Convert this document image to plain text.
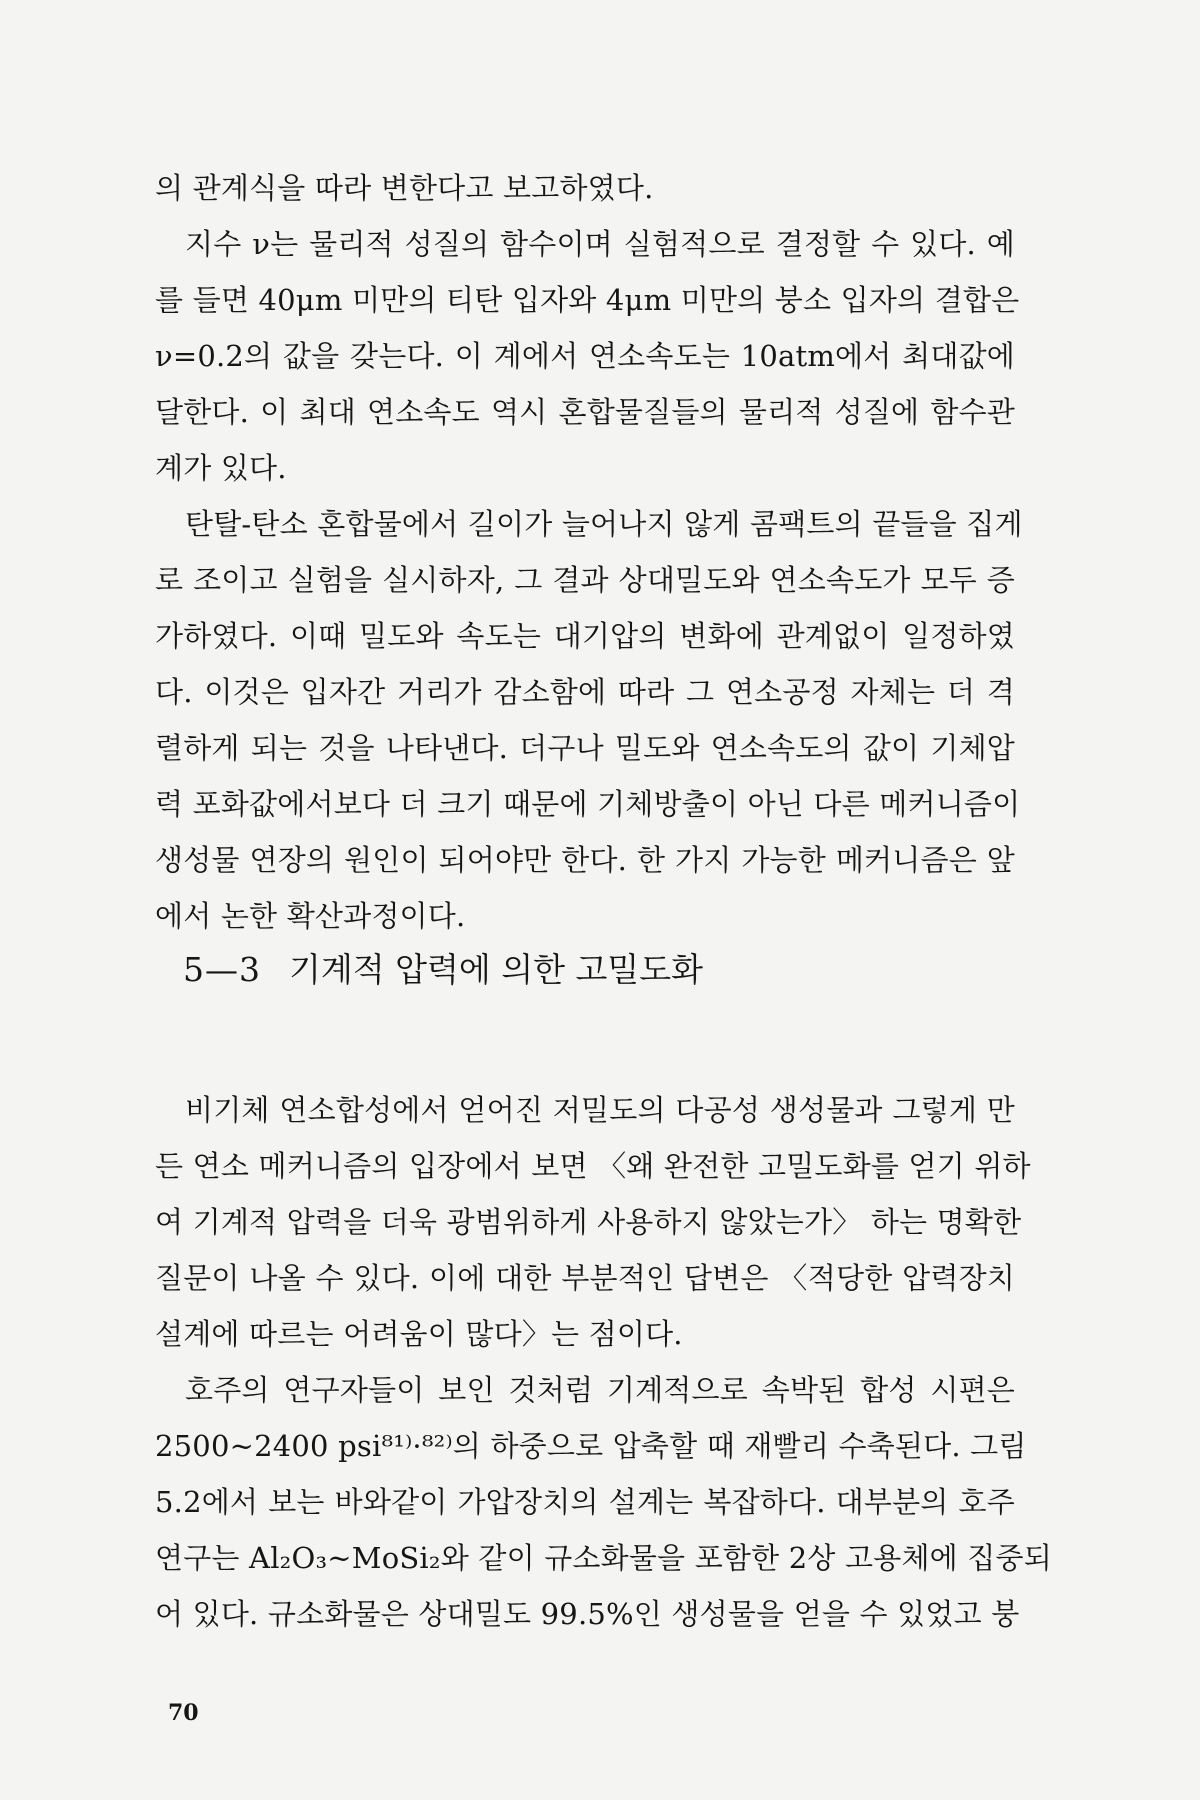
의 관계식을 따라 변한다고 보고하였다.
지수 ν는 물리적 성질의 함수이며 실험적으로 결정할 수 있다. 예
를 들면 40μm 미만의 티탄 입자와 4μm 미만의 붕소 입자의 결합은
ν=0.2의 값을 갖는다. 이 계에서 연소속도는 10atm에서 최대값에
달한다. 이 최대 연소속도 역시 혼합물질들의 물리적 성질에 함수관
계가 있다.
탄탈-탄소 혼합물에서 길이가 늘어나지 않게 콤팩트의 끝들을 집게
로 조이고 실험을 실시하자, 그 결과 상대밀도와 연소속도가 모두 증
가하였다. 이때 밀도와 속도는 대기압의 변화에 관계없이 일정하였
다. 이것은 입자간 거리가 감소함에 따라 그 연소공정 자체는 더 격
렬하게 되는 것을 나타낸다. 더구나 밀도와 연소속도의 값이 기체압
력 포화값에서보다 더 크기 때문에 기체방출이 아닌 다른 메커니즘이
생성물 연장의 원인이 되어야만 한다. 한 가지 가능한 메커니즘은 앞
에서 논한 확산과정이다.
5—3 기계적 압력에 의한 고밀도화
비기체 연소합성에서 얻어진 저밀도의 다공성 생성물과 그렇게 만
든 연소 메커니즘의 입장에서 보면 〈왜 완전한 고밀도화를 얻기 위하
여 기계적 압력을 더욱 광범위하게 사용하지 않았는가〉 하는 명확한
질문이 나올 수 있다. 이에 대한 부분적인 답변은 〈적당한 압력장치
설계에 따르는 어려움이 많다〉는 점이다.
호주의 연구자들이 보인 것처럼 기계적으로 속박된 합성 시편은
2500~2400 psi⁸¹⁾·⁸²⁾의 하중으로 압축할 때 재빨리 수축된다. 그림
5.2에서 보는 바와같이 가압장치의 설계는 복잡하다. 대부분의 호주
연구는 Al₂O₃~MoSi₂와 같이 규소화물을 포함한 2상 고용체에 집중되
어 있다. 규소화물은 상대밀도 99.5%인 생성물을 얻을 수 있었고 붕
70
